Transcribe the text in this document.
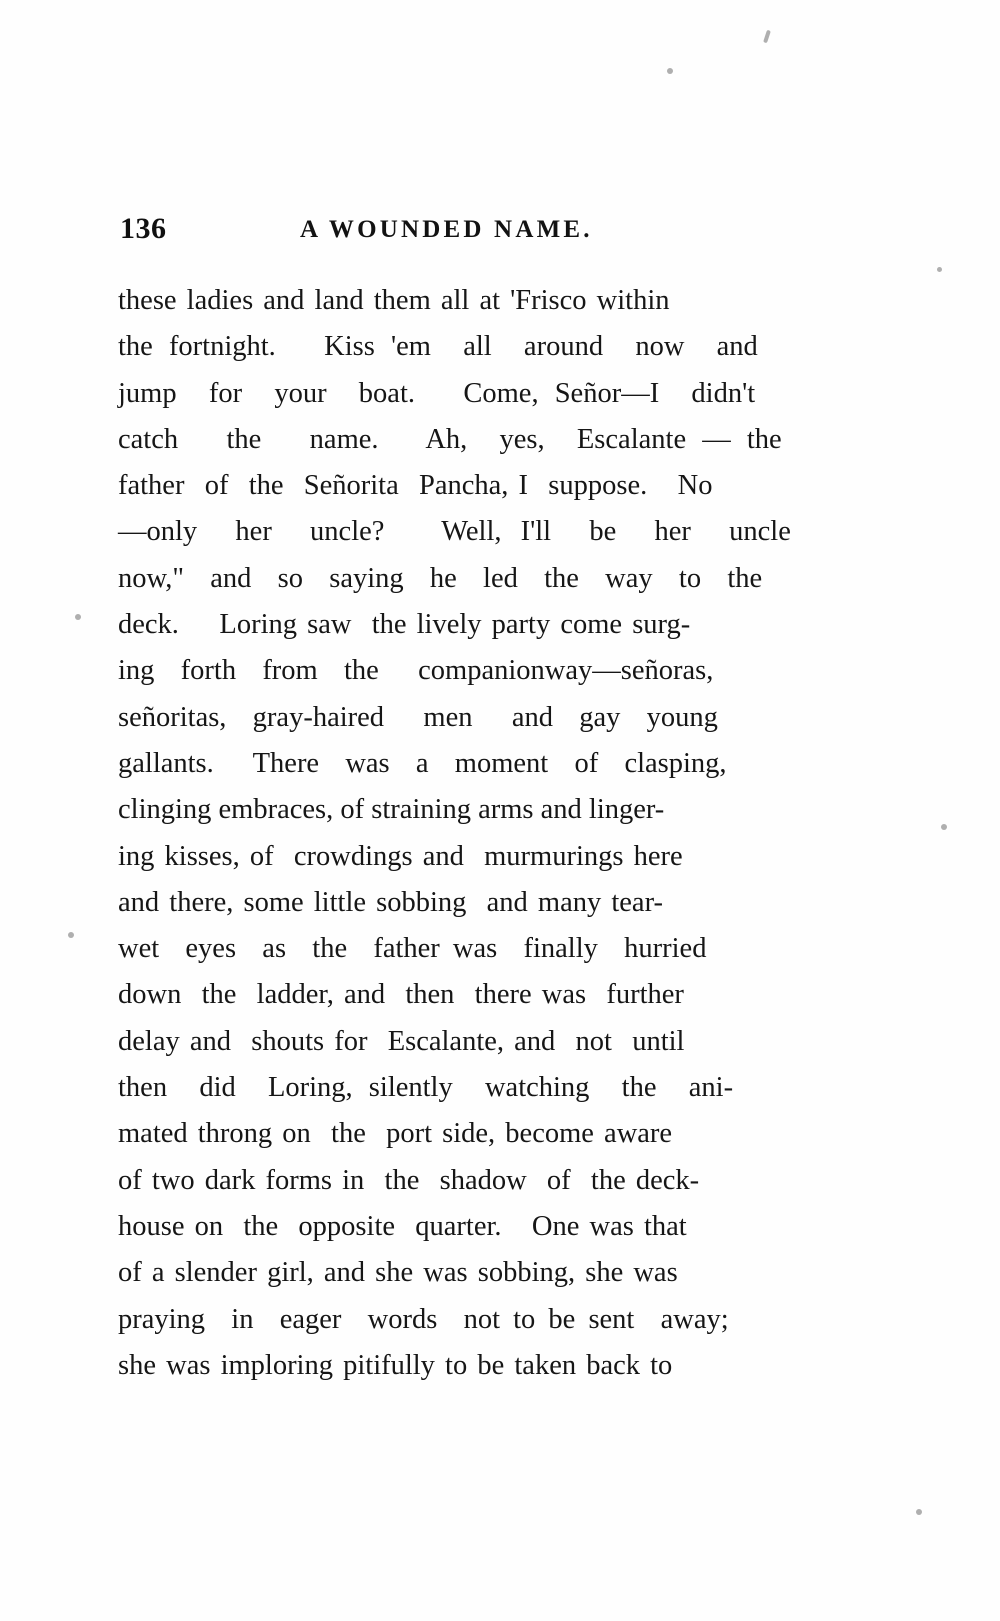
136	A WOUNDED NAME.
these ladies and land them all at 'Frisco within
the fortnight.   Kiss 'em  all  around  now  and
jump  for  your  boat.   Come, Señor—I  didn't
catch   the   name.   Ah,  yes,  Escalante — the
father  of  the  Señorita  Pancha, I  suppose.   No
—only  her  uncle?   Well, I'll  be  her  uncle
now,"  and  so  saying  he  led  the  way  to  the
deck.    Loring saw  the lively party come surg-
ing  forth  from  the   companionway—señoras,
señoritas,  gray-haired   men   and  gay  young
gallants.   There  was  a  moment  of  clasping,
clinging embraces, of straining arms and linger-
ing kisses, of  crowdings and  murmurings here
and there, some little sobbing  and many tear-
wet  eyes  as  the  father was  finally  hurried
down  the  ladder, and  then  there was  further
delay and  shouts for  Escalante, and  not  until
then  did  Loring, silently  watching  the  ani-
mated throng on  the  port side, become aware
of two dark forms in  the  shadow  of  the deck-
house on  the  opposite  quarter.   One was that
of a slender girl, and she was sobbing, she was
praying  in  eager  words  not to be sent  away;
she was imploring pitifully to be taken back to
